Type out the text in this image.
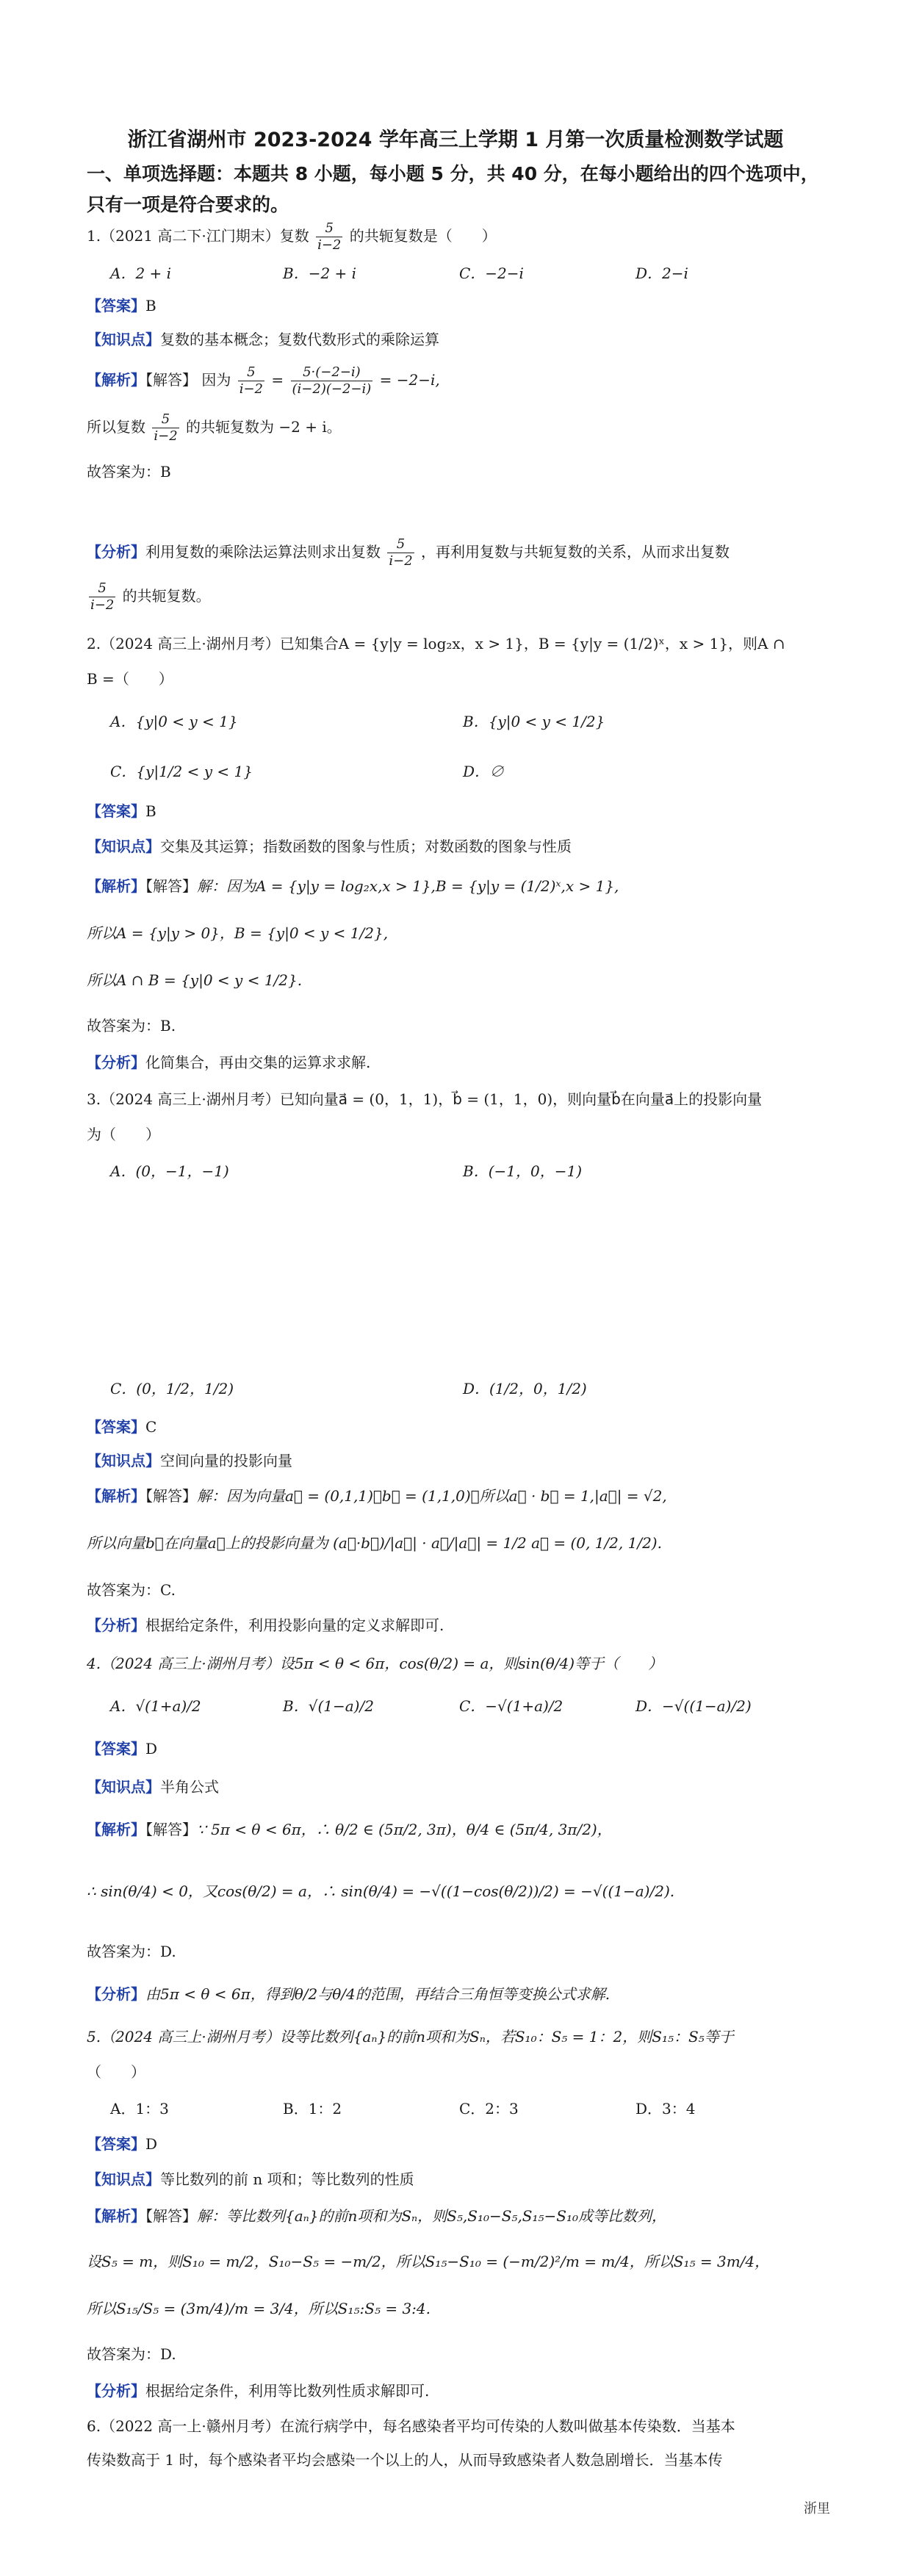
浙江省湖州市 2023-2024 学年高三上学期 1 月第一次质量检测数学试题
一、单项选择题：本题共 8 小题，每小题 5 分，共 40 分，在每小题给出的四个选项中，只有一项是符合要求的。
1.（2021 高二下·江门期末）复数 $\frac{5}{i-2}$ 的共轭复数是（　　）
A．2 + i	B．−2 + i	C．−2−i	D．2−i
【答案】B
【知识点】复数的基本概念；复数代数形式的乘除运算
【解析】【解答】 因为 $\frac{5}{i-2} = \frac{5\cdot(-2-i)}{(i-2)(-2-i)} = -2-i$,
所以复数 $\frac{5}{i-2}$ 的共轭复数为 −2 + i。
故答案为：B
【分析】利用复数的乘除法运算法则求出复数 $\frac{5}{i-2}$ ，再利用复数与共轭复数的关系，从而求出复数
$\frac{5}{i-2}$ 的共轭复数。
2.（2024 高三上·湖州月考）已知集合A = {y|y = log₂x，x > 1}，B = {y|y = (1/2)ˣ，x > 1}，则A ∩
B =（　　）
A．{y|0 < y < 1}	B．{y|0 < y < 1/2}
C．{y|1/2 < y < 1}	D．∅
【答案】B
【知识点】交集及其运算；指数函数的图象与性质；对数函数的图象与性质
【解析】【解答】解：因为A = {y|y = log₂x,x > 1},B = {y|y = (1/2)ˣ,x > 1},
所以A = {y|y > 0}，B = {y|0 < y < 1/2},
所以A ∩ B = {y|0 < y < 1/2}.
故答案为：B.
【分析】化简集合，再由交集的运算求求解.
3.（2024 高三上·湖州月考）已知向量a⃗ = (0，1，1)，b⃗ = (1，1，0)，则向量b⃗在向量a⃗上的投影向量
为（　　）
A．(0，−1，−1)	B．(−1，0，−1)
C．(0，1/2，1/2)	D．(1/2，0，1/2)
【答案】C
【知识点】空间向量的投影向量
【解析】【解答】解：因为向量a⃗ = (0,1,1)，b⃗ = (1,1,0)，所以a⃗ · b⃗ = 1,|a⃗| = √2,
所以向量b⃗在向量a⃗上的投影向量为 (a⃗·b⃗)/|a⃗| · a⃗/|a⃗| = 1/2 a⃗ = (0, 1/2, 1/2).
故答案为：C.
【分析】根据给定条件，利用投影向量的定义求解即可.
4.（2024 高三上·湖州月考）设5π < θ < 6π，cos(θ/2) = a，则sin(θ/4)等于（　　）
A．√(1+a)/2	B．√(1−a)/2	C．−√(1+a)/2	D．−√((1−a)/2)
【答案】D
【知识点】半角公式
【解析】【解答】∵ 5π < θ < 6π，∴ θ/2 ∈ (5π/2, 3π)，θ/4 ∈ (5π/4, 3π/2)，
∴ sin(θ/4) < 0，又cos(θ/2) = a，∴ sin(θ/4) = −√((1−cos(θ/2))/2) = −√((1−a)/2).
故答案为：D.
【分析】由5π < θ < 6π，得到θ/2与θ/4的范围，再结合三角恒等变换公式求解.
5.（2024 高三上·湖州月考）设等比数列{aₙ}的前n项和为Sₙ，若S₁₀：S₅ = 1：2，则S₁₅：S₅等于
（　　）
A．1：3	B．1：2	C．2：3	D．3：4
【答案】D
【知识点】等比数列的前 n 项和；等比数列的性质
【解析】【解答】解：等比数列{aₙ}的前n项和为Sₙ，则S₅,S₁₀−S₅,S₁₅−S₁₀成等比数列，
设S₅ = m，则S₁₀ = m/2，S₁₀−S₅ = −m/2，所以S₁₅−S₁₀ = (−m/2)²/m = m/4，所以S₁₅ = 3m/4，
所以S₁₅/S₅ = (3m/4)/m = 3/4，所以S₁₅:S₅ = 3:4.
故答案为：D.
【分析】根据给定条件，利用等比数列性质求解即可.
6.（2022 高一上·赣州月考）在流行病学中，每名感染者平均可传染的人数叫做基本传染数．当基本
传染数高于 1 时，每个感染者平均会感染一个以上的人，从而导致感染者人数急剧增长．当基本传
浙里
